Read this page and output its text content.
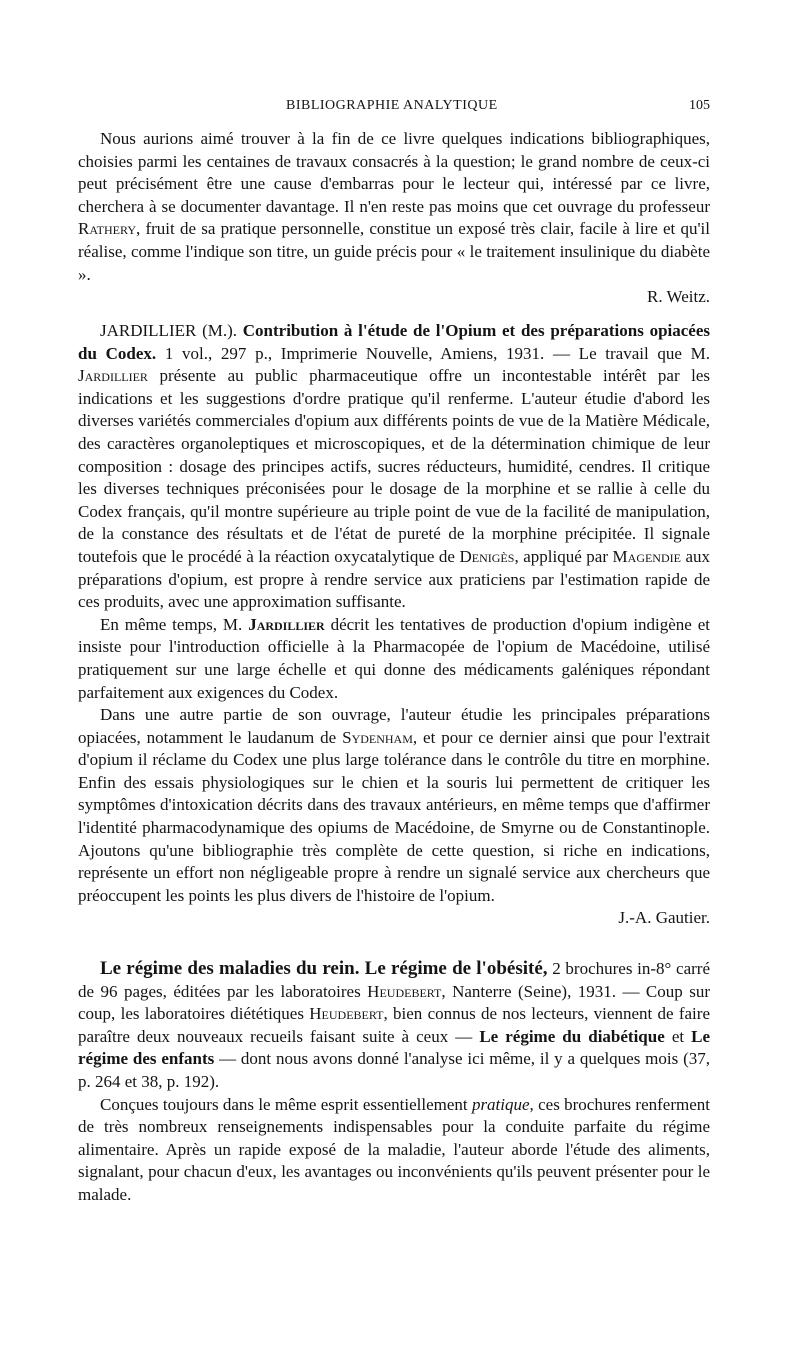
BIBLIOGRAPHIE ANALYTIQUE	105

Nous aurions aimé trouver à la fin de ce livre quelques indications bibliographiques, choisies parmi les centaines de travaux consacrés à la question; le grand nombre de ceux-ci peut précisément être une cause d'embarras pour le lecteur qui, intéressé par ce livre, cherchera à se documenter davantage. Il n'en reste pas moins que cet ouvrage du professeur Rathery, fruit de sa pratique personnelle, constitue un exposé très clair, facile à lire et qu'il réalise, comme l'indique son titre, un guide précis pour « le traitement insulinique du diabète ».

R. Weitz.

JARDILLIER (M.). Contribution à l'étude de l'Opium et des préparations opiacées du Codex. 1 vol., 297 p., Imprimerie Nouvelle, Amiens, 1931. — Le travail que M. Jardillier présente au public pharmaceutique offre un incontestable intérêt par les indications et les suggestions d'ordre pratique qu'il renferme. L'auteur étudie d'abord les diverses variétés commerciales d'opium aux différents points de vue de la Matière Médicale, des caractères organoleptiques et microscopiques, et de la détermination chimique de leur composition : dosage des principes actifs, sucres réducteurs, humidité, cendres. Il critique les diverses techniques préconisées pour le dosage de la morphine et se rallie à celle du Codex français, qu'il montre supérieure au triple point de vue de la facilité de manipulation, de la constance des résultats et de l'état de pureté de la morphine précipitée. Il signale toutefois que le procédé à la réaction oxycatalytique de Denigès, appliqué par Magendie aux préparations d'opium, est propre à rendre service aux praticiens par l'estimation rapide de ces produits, avec une approximation suffisante.

En même temps, M. Jardillier décrit les tentatives de production d'opium indigène et insiste pour l'introduction officielle à la Pharmacopée de l'opium de Macédoine, utilisé pratiquement sur une large échelle et qui donne des médicaments galéniques répondant parfaitement aux exigences du Codex.

Dans une autre partie de son ouvrage, l'auteur étudie les principales préparations opiacées, notamment le laudanum de Sydenham, et pour ce dernier ainsi que pour l'extrait d'opium il réclame du Codex une plus large tolérance dans le contrôle du titre en morphine. Enfin des essais physiologiques sur le chien et la souris lui permettent de critiquer les symptômes d'intoxication décrits dans des travaux antérieurs, en même temps que d'affirmer l'identité pharmacodynamique des opiums de Macédoine, de Smyrne ou de Constantinople. Ajoutons qu'une bibliographie très complète de cette question, si riche en indications, représente un effort non négligeable propre à rendre un signalé service aux chercheurs que préoccupent les points les plus divers de l'histoire de l'opium.

J.-A. Gautier.

Le régime des maladies du rein. Le régime de l'obésité, 2 brochures in-8° carré de 96 pages, éditées par les laboratoires Heudebert, Nanterre (Seine), 1931. — Coup sur coup, les laboratoires diététiques Heudebert, bien connus de nos lecteurs, viennent de faire paraître deux nouveaux recueils faisant suite à ceux — Le régime du diabétique et Le régime des enfants — dont nous avons donné l'analyse ici même, il y a quelques mois (37, p. 264 et 38, p. 192).

Conçues toujours dans le même esprit essentiellement pratique, ces brochures renferment de très nombreux renseignements indispensables pour la conduite parfaite du régime alimentaire. Après un rapide exposé de la maladie, l'auteur aborde l'étude des aliments, signalant, pour chacun d'eux, les avantages ou inconvénients qu'ils peuvent présenter pour le malade.
